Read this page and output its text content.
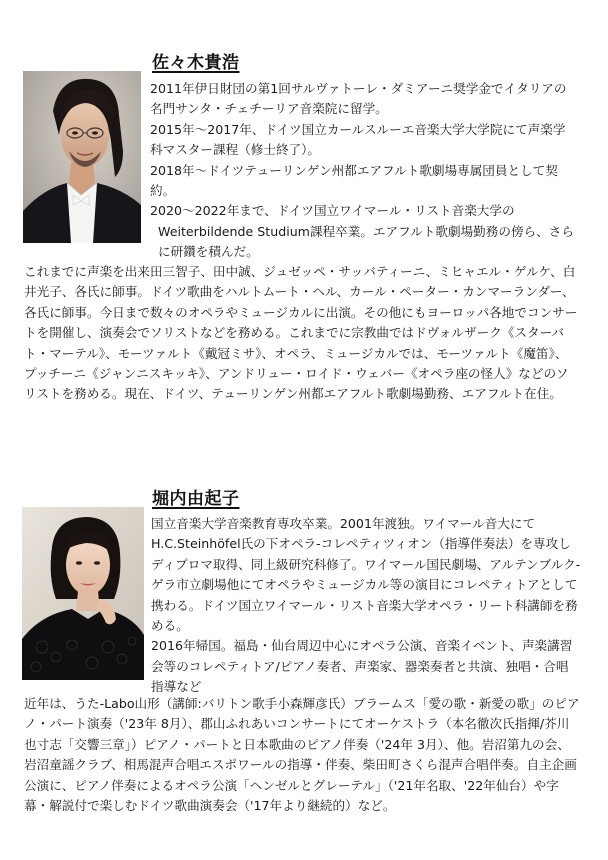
佐々木貴浩

2011年伊日財団の第1回サルヴァトーレ・ダミアーニ奨学金でイタリアの名門サンタ・チェチーリア音楽院に留学。

2015年〜2017年、ドイツ国立カールスルーエ音楽大学大学院にて声楽学科マスター課程（修士終了）。

2018年〜ドイツテューリンゲン州都エアフルト歌劇場専属団員として契約。

2020〜2022年まで、ドイツ国立ワイマール・リスト音楽大学のWeiterbildende Studium課程卒業。エアフルト歌劇場勤務の傍ら、さらに研鑽を積んだ。

これまでに声楽を出来田三智子、田中誠、ジュゼッペ・サッバティーニ、ミヒャエル・ゲルケ、白井光子、各氏に師事。ドイツ歌曲をハルトムート・ヘル、カール・ペーター・カンマーランダー、各氏に師事。今日まで数々のオペラやミュージカルに出演。その他にもヨーロッパ各地でコンサートを開催し、演奏会でソリストなどを務める。これまでに宗教曲ではドヴォルザーク《スターバト・マーテル》、モーツァルト《戴冠ミサ》、オペラ、ミュージカルでは、モーツァルト《魔笛》、プッチーニ《ジャンニスキッキ》、アンドリュー・ロイド・ウェバー《オペラ座の怪人》などのソリストを務める。現在、ドイツ、テューリンゲン州都エアフルト歌劇場勤務、エアフルト在住。

堀内由起子

国立音楽大学音楽教育専攻卒業。2001年渡独。ワイマール音大にてH.C.Steinhöfel氏の下オペラ-コレペティツィオン（指導伴奏法）を専攻しディプロマ取得、同上級研究科修了。ワイマール国民劇場、アルテンブルク-ゲラ市立劇場他にてオペラやミュージカル等の演目にコレペティトアとして携わる。ドイツ国立ワイマール・リスト音楽大学オペラ・リート科講師を務める。

2016年帰国。福島・仙台周辺中心にオペラ公演、音楽イベント、声楽講習会等のコレペティトア/ピアノ奏者、声楽家、器楽奏者と共演、独唱・合唱指導など

近年は、うた-Labo山形（講師:バリトン歌手小森輝彦氏）ブラームス「愛の歌・新愛の歌」のピアノ・パート演奏（'23年 8月）、郡山ふれあいコンサートにてオーケストラ（本名徹次氏指揮/芥川也寸志「交響三章」）ピアノ・パートと日本歌曲のピアノ伴奏（'24年 3月）、他。岩沼第九の会、岩沼童謡クラブ、相馬混声合唱エスポワールの指導・伴奏、柴田町さくら混声合唱伴奏。自主企画公演に、ピアノ伴奏によるオペラ公演「ヘンゼルとグレーテル」（'21年名取、'22年仙台）や字幕・解説付で楽しむドイツ歌曲演奏会（'17年より継続的）など。
